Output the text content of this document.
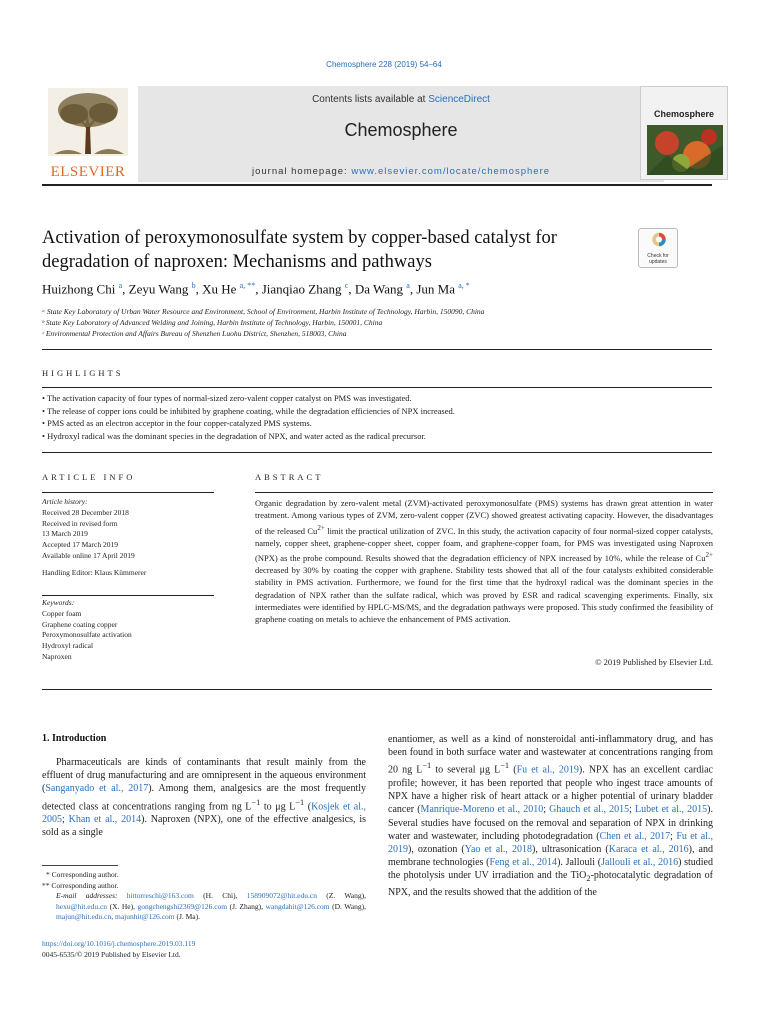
Chemosphere 228 (2019) 54–64
ELSEVIER
Contents lists available at ScienceDirect
Chemosphere
journal homepage: www.elsevier.com/locate/chemosphere
Chemosphere
Activation of peroxymonosulfate system by copper-based catalyst for degradation of naproxen: Mechanisms and pathways	Check for updates
Huizhong Chi $^a$, Zeyu Wang $^b$, Xu He $^{a, **}$, Jianqiao Zhang $^c$, Da Wang $^a$, Jun Ma $^{a, *}$
ᵃ State Key Laboratory of Urban Water Resource and Environment, School of Environment, Harbin Institute of Technology, Harbin, 150090, China
ᵇ State Key Laboratory of Advanced Welding and Joining, Harbin Institute of Technology, Harbin, 150001, China
ᶜ Environmental Protection and Affairs Bureau of Shenzhen Luohu District, Shenzhen, 518003, China
HIGHLIGHTS
• The activation capacity of four types of normal-sized zero-valent copper catalyst on PMS was investigated.
• The release of copper ions could be inhibited by graphene coating, while the degradation efficiencies of NPX increased.
• PMS acted as an electron acceptor in the four copper-catalyzed PMS systems.
• Hydroxyl radical was the dominant species in the degradation of NPX, and water acted as the radical precursor.
ARTICLE INFO	ABSTRACT
Article history:
Received 28 December 2018
Received in revised form
13 March 2019
Accepted 17 March 2019
Available online 17 April 2019
Handling Editor: Klaus Kümmerer
Keywords:
Copper foam
Graphene coating copper
Peroxymonosulfate activation
Hydroxyl radical
Naproxen
Organic degradation by zero-valent metal (ZVM)-activated peroxymonosulfate (PMS) systems has drawn great attention in water treatment. Among various types of ZVM, zero-valent copper (ZVC) showed greatest activating capacity. However, the disadvantages of the released $Cu^{2+}$ limit the practical utilization of ZVC. In this study, the activation capacity of four normal-sized copper catalysts, namely, copper sheet, graphene-copper sheet, copper foam, and graphene-copper foam, for PMS was investigated using Naproxen (NPX) as the probe compound. Results showed that the degradation efficiency of NPX increased by 10%, while the release of $Cu^{2+}$ decreased by 30% by coating the copper with graphene. Stability tests showed that all of the four catalysts exhibited considerable stability in PMS activation. Furthermore, we found for the first time that the hydroxyl radical was the dominant species in the degradation of NPX rather than the sulfate radical, which was proved by ESR and radical scavenging experiments. Finally, six intermediates were identified by HPLC-MS/MS, and the degradation pathways were proposed. This study confirmed the feasibility of graphene coating on metals to achieve the enhancement of PMS activation.
© 2019 Published by Elsevier Ltd.
1. Introduction

Pharmaceuticals are kinds of contaminants that result mainly from the effluent of drug manufacturing and are omnipresent in the aqueous environment (Sanganyado et al., 2017). Among them, analgesics are the most frequently detected class at concentrations ranging from ng $L^{-1}$ to μg $L^{-1}$ (Kosjek et al., 2005; Khan et al., 2014). Naproxen (NPX), one of the effective analgesics, is sold as a single

enantiomer, as well as a kind of nonsteroidal anti-inflammatory drug, and has been found in both surface water and wastewater at concentrations ranging from 20 ng $L^{-1}$ to several μg $L^{-1}$ (Fu et al., 2019). NPX has an excellent cardiac profile; however, it has been reported that people who ingest trace amounts of NPX have a higher risk of heart attack or a higher potential of urinary bladder cancer (Manrique-Moreno et al., 2010; Ghauch et al., 2015; Lubet et al., 2015). Several studies have focused on the removal and separation of NPX in drinking water and wastewater, including photodegradation (Chen et al., 2017; Fu et al., 2019), ozonation (Yao et al., 2018), ultrasonication (Karaca et al., 2016), and membrane technologies (Feng et al., 2014). Jallouli (Jallouli et al., 2016) studied the photolysis under UV irradiation and the TiO$_2$-photocatalytic degradation of NPX, and the results showed that the addition of the

* Corresponding author.
** Corresponding author.
E-mail addresses: hittorreschi@163.com (H. Chi), 158909072@hit.edu.cn (Z. Wang), hexu@hit.edu.cn (X. He), gongchengshi2369@126.com (J. Zhang), wangdahit@126.com (D. Wang), majun@hit.edu.cn, majunhit@126.com (J. Ma).
https://doi.org/10.1016/j.chemosphere.2019.03.119
0045-6535/© 2019 Published by Elsevier Ltd.
